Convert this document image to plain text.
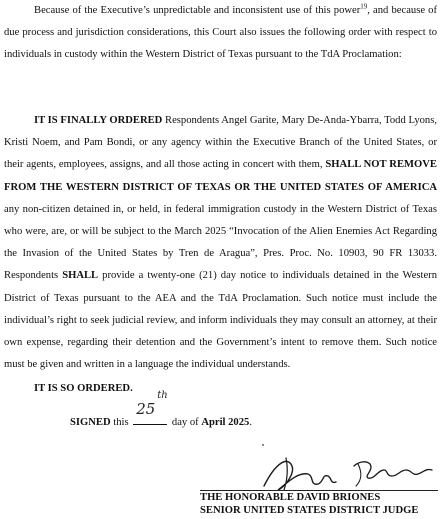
Because of the Executive’s unpredictable and inconsistent use of this power$^{19}$, and because of due process and jurisdiction considerations, this Court also issues the following order with respect to individuals in custody within the Western District of Texas pursuant to the TdA Proclamation:

IT IS FINALLY ORDERED Respondents Angel Garite, Mary De-Anda-Ybarra, Todd Lyons, Kristi Noem, and Pam Bondi, or any agency within the Executive Branch of the United States, or their agents, employees, assigns, and all those acting in concert with them, SHALL NOT REMOVE FROM THE WESTERN DISTRICT OF TEXAS OR THE UNITED STATES OF AMERICA any non-citizen detained in, or held, in federal immigration custody in the Western District of Texas who were, are, or will be subject to the March 2025 “Invocation of the Alien Enemies Act Regarding the Invasion of the United States by Tren de Aragua”, Pres. Proc. No. 10903, 90 FR 13033. Respondents SHALL provide a twenty-one (21) day notice to individuals detained in the Western District of Texas pursuant to the AEA and the TdA Proclamation. Such notice must include the individual’s right to seek judicial review, and inform individuals they may consult an attorney, at their own expense, regarding their detention and the Government’s intent to remove them. Such notice must be given and written in a language the individual understands.

IT IS SO ORDERED.

SIGNED this
25
th
day of April 2025.

THE HONORABLE DAVID BRIONES

SENIOR UNITED STATES DISTRICT JUDGE
